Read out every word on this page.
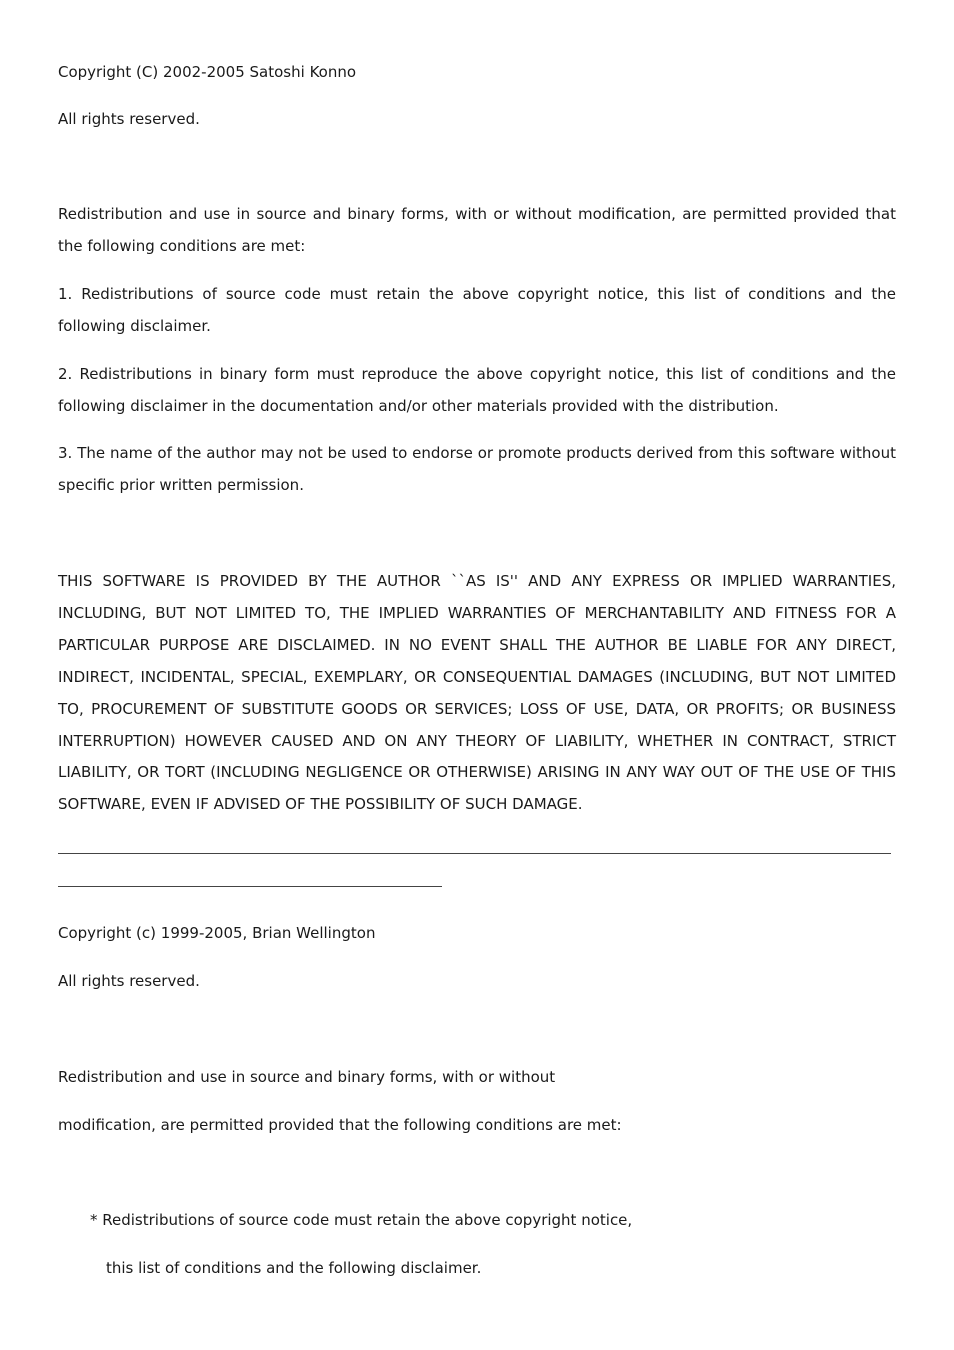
Copyright (C) 2002-2005 Satoshi Konno
All rights reserved.
Redistribution and use in source and binary forms, with or without modification, are permitted provided that the following conditions are met:
1. Redistributions of source code must retain the above copyright notice, this list of conditions and the following disclaimer.
2. Redistributions in binary form must reproduce the above copyright notice, this list of conditions and the following disclaimer in the documentation and/or other materials provided with the distribution.
3. The name of the author may not be used to endorse or promote products derived from this software without specific prior written permission.
THIS SOFTWARE IS PROVIDED BY THE AUTHOR ``AS IS'' AND ANY EXPRESS OR IMPLIED WARRANTIES, INCLUDING, BUT NOT LIMITED TO, THE IMPLIED WARRANTIES OF MERCHANTABILITY AND FITNESS FOR A PARTICULAR PURPOSE ARE DISCLAIMED. IN NO EVENT SHALL THE AUTHOR BE LIABLE FOR ANY DIRECT, INDIRECT, INCIDENTAL, SPECIAL, EXEMPLARY, OR CONSEQUENTIAL DAMAGES (INCLUDING, BUT NOT LIMITED TO, PROCUREMENT OF SUBSTITUTE GOODS OR SERVICES; LOSS OF USE, DATA, OR PROFITS; OR BUSINESS INTERRUPTION) HOWEVER CAUSED AND ON ANY THEORY OF LIABILITY, WHETHER IN CONTRACT, STRICT LIABILITY, OR TORT (INCLUDING NEGLIGENCE OR OTHERWISE) ARISING IN ANY WAY OUT OF THE USE OF THIS SOFTWARE, EVEN IF ADVISED OF THE POSSIBILITY OF SUCH DAMAGE.
Copyright (c) 1999-2005, Brian Wellington
All rights reserved.
Redistribution and use in source and binary forms, with or without
modification, are permitted provided that the following conditions are met:
* Redistributions of source code must retain the above copyright notice,
this list of conditions and the following disclaimer.
